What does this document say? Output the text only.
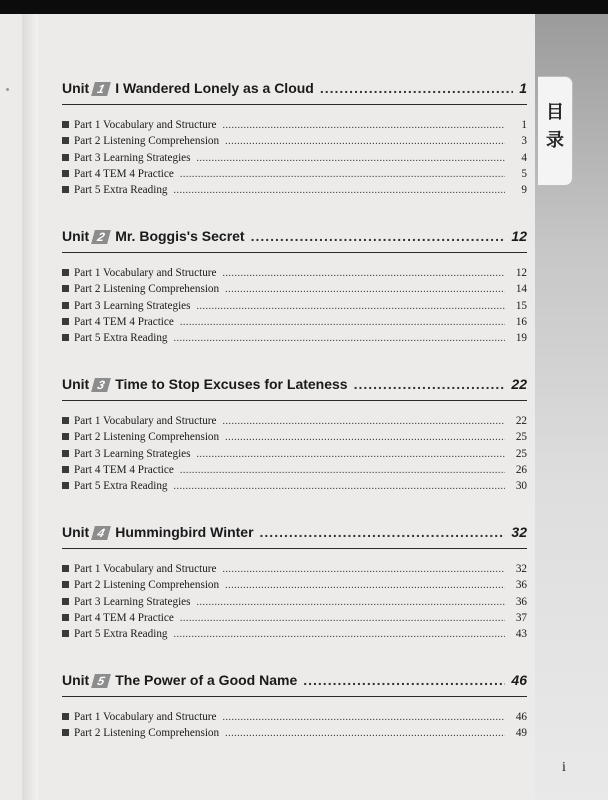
目
录
Unit 1 I Wandered Lonely as a Cloud .....	1
Part 1 Vocabulary and Structure .....	1
Part 2 Listening Comprehension .....	3
Part 3 Learning Strategies .....	4
Part 4 TEM 4 Practice .....	5
Part 5 Extra Reading .....	9
Unit 2 Mr. Boggis's Secret .....	12
Part 1 Vocabulary and Structure .....	12
Part 2 Listening Comprehension .....	14
Part 3 Learning Strategies .....	15
Part 4 TEM 4 Practice .....	16
Part 5 Extra Reading .....	19
Unit 3 Time to Stop Excuses for Lateness .....	22
Part 1 Vocabulary and Structure .....	22
Part 2 Listening Comprehension .....	25
Part 3 Learning Strategies .....	25
Part 4 TEM 4 Practice .....	26
Part 5 Extra Reading .....	30
Unit 4 Hummingbird Winter .....	32
Part 1 Vocabulary and Structure .....	32
Part 2 Listening Comprehension .....	36
Part 3 Learning Strategies .....	36
Part 4 TEM 4 Practice .....	37
Part 5 Extra Reading .....	43
Unit 5 The Power of a Good Name .....	46
Part 1 Vocabulary and Structure .....	46
Part 2 Listening Comprehension .....	49
i
